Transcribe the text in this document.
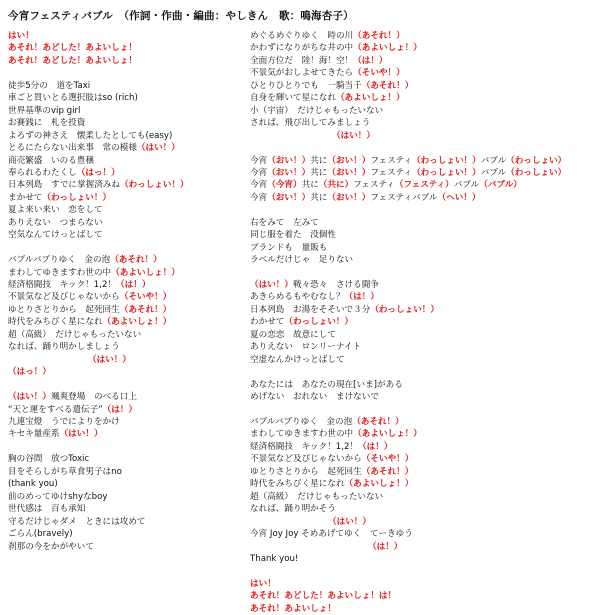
今宵フェスティバブル　（作詞・作曲・編曲：やしきん　歌：鳴海杏子）
はい！
あそれ！あどした！あよいしょ！
あそれ！あどした！あよいしょ！
徒歩5分の　道をTaxi
車ごと買いとる選択肢はso (rich)
世界基準のvip girl
お賽銭に　札を投資
よろずの神さえ　懐柔したとしても(easy)
とるにたらない出来事　常の模様（はい！）
商売繁盛　いのる豊穣
奉られるわたくし（はっ！）
日本列島　すでに掌握済みね（わっしょい！）
まかせて（わっしょい！）
夏よ来い来い　恋をして
ありえない　つまらない
空気なんてけっとばして
バブルバブりゆく　金の泡（あそれ！）
まわしてゆきますわ世の中（あよいしょ！）
経済格闘技　キック！1,2！（は！）
不景気など及びじゃないから（そいや！）
ゆとりさとりから　起死回生（あそれ！）
時代をみちびく星になれ（あよいしょ！）
超（高級）　だけじゃもったいない
なれば、踊り明かしましょう
（はい！）
（はっ！）
（はい！）颯爽登場　のべる口上
“天と運をすべる遣伝子”（は！）
九連宝燈　うでによりをかけ
キセキ量産系（はい！）
胸の谷間　放つToxic
目をそらしがち草食男子はno
(thank you)
前のめってゆけshyなboy
世代感は　百も承知
守るだけじゃダメ　ときには攻めて
ごらん(bravely)
刹那の今をかがやいて
めぐるめぐりゆく　時の川（あそれ！）
かわずになりがちな井の中（あよいしょ！）
全面方位だ　陸！海！空！（は！）
不景気がおしよせてきたら（そいや！）
ひとりひとりでも　一騎当千（あそれ！）
自身を輝いて星になれ（あよいしょ！）
小（宇宙）　だけじゃもったいない
されば、飛び出してみましょう
（はい！）
今宵（おい！）共に（おい！）フェスティ（わっしょい！）バブル（わっしょい）
今宵（おい！）共に（おい！）フェスティ（わっしょい！）バブル（わっしょい）
今宵（今宵）共に（共に）フェスティ（フェスティ）バブル（バブル）
今宵（おい！）共に（おい！）フェスティバブル（へい！）
右をみて　左みて
同じ服を着た　没個性
ブランドも　量販も
ラベルだけじゃ　足りない
（はい！）戦々恐々　さける闘争
あきらめるもやむなし？（は！）
日本列島　お湯をそそいで３分（わっしょい！）
わかせて（わっしょい！）
夏の恋恋　故意にして
ありえない　ロンリーナイト
空虚なんかけっとばして
あなたには　あなたの現在[いま]がある
めげない　おれない　まけないで
バブルバブりゆく　金の泡（あそれ！）
まわしてゆきますわ世の中（あよいしょ！）
経済格闘技　キック！1,2！（は！）
不景気など及びじゃないから（そいや！）
ゆとりさとりから　起死回生（あそれ！）
時代をみちびく星になれ（あよいしょ！）
超（高級）　だけじゃもったいない
なれば、踊り明かそう
（はい！）
今宵 Joy Joy そめあげてゆく　てーきゆう
（は！）
Thank you!
はい！
あそれ！あどした！あよいしょ！は！
あそれ！あよいしょ！
